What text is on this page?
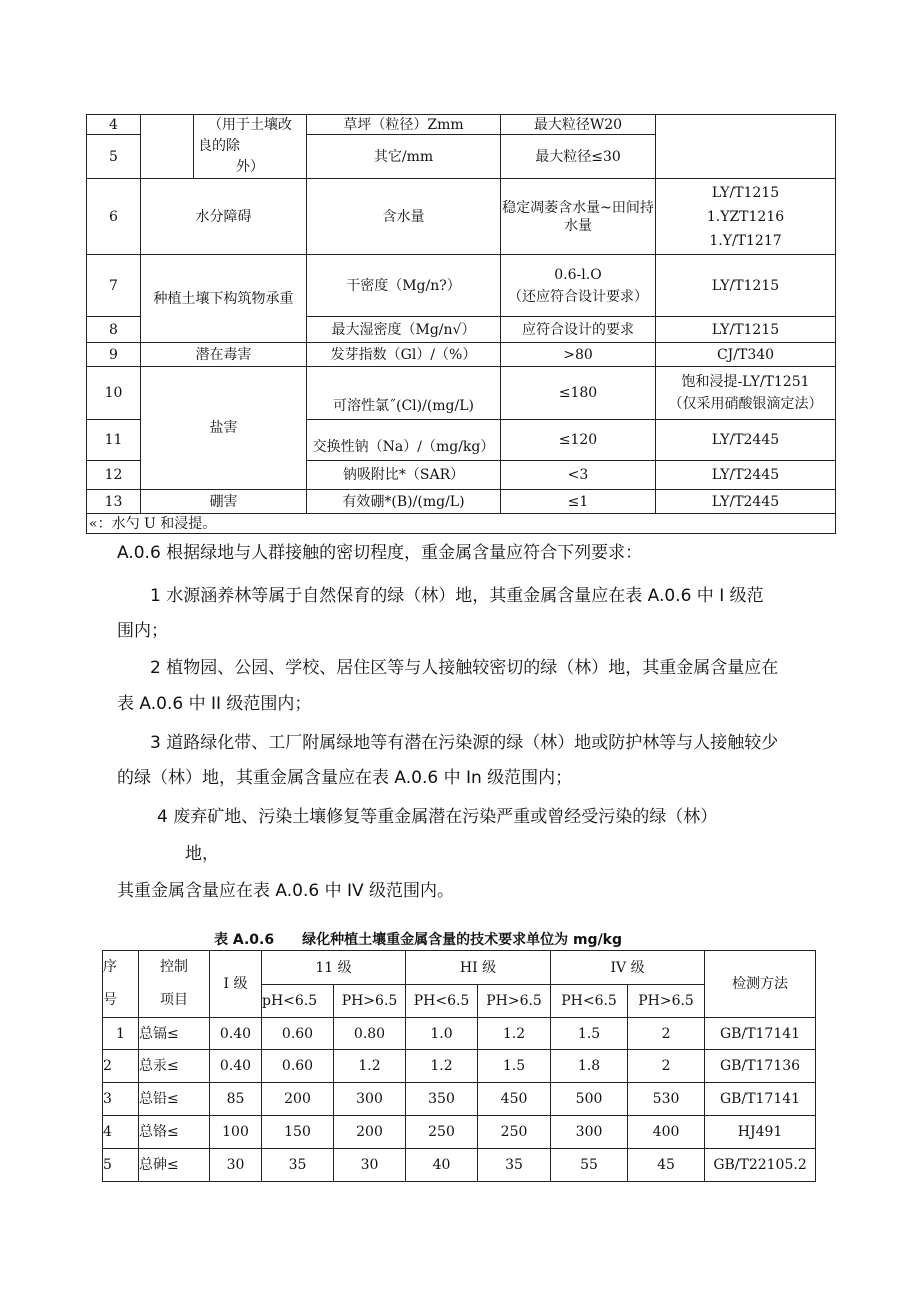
4		（用于土壤改
良的除
外）	草坪（粒径）Zmm	最大粒径W20	
5			其它/mm	最大粒径≤30	
6	水分障碍		含水量	稳定凋萎含水量~田间持
水量	LY/T1215
1.YZT1216
1.Y/T1217

7	种植土壤下构筑物承重		干密度（Mg/n?）	0.6-l.O
（还应符合设计要求）	LY/T1215
8			最大湿密度（Mg/n√）	应符合设计的要求	LY/T1215
9	潜在毒害		发芽指数（Gl）/（%）	>80	CJ/T340
10	盐害		可溶性氯˝(Cl)/(mg/L)	≤180	饱和浸提-LY/T1251
（仅采用硝酸银滴定法）

11			交换性钠（Na）/（mg/kg）	≤120	LY/T2445
12			钠吸附比*（SAR）	<3	LY/T2445
13	硼害		有效硼*(B)/(mg/L)	≤1	LY/T2445
«：水勺 U 和浸提。					
A.0.6 根据绿地与人群接触的密切程度，重金属含量应符合下列要求：
1 水源涵养林等属于自然保育的绿（林）地，其重金属含量应在表 A.0.6 中 I 级范
围内；
2 植物园、公园、学校、居住区等与人接触较密切的绿（林）地，其重金属含量应在
表 A.0.6 中 II 级范围内；
3 道路绿化带、工厂附属绿地等有潜在污染源的绿（林）地或防护林等与人接触较少
的绿（林）地，其重金属含量应在表 A.0.6 中 In 级范围内；
4 废弃矿地、污染土壤修复等重金属潜在污染严重或曾经受污染的绿（林）
地，
其重金属含量应在表 A.0.6 中 IV 级范围内。
表 A.0.6　　绿化种植土壤重金属含量的技术要求单位为 mg/kg
序
号	控制
项目	I 级	11 级		HI 级		IV 级		检测方法
			pH<6.5	PH>6.5	PH<6.5	PH>6.5	PH<6.5	PH>6.5	
1	总镉≤	0.40	0.60	0.80	1.0	1.2	1.5	2	GB/T17141
2	总汞≤	0.40	0.60	1.2	1.2	1.5	1.8	2	GB/T17136
3	总铅≤	85	200	300	350	450	500	530	GB/T17141
4	总铬≤	100	150	200	250	250	300	400	HJ491
5	总砷≤	30	35	30	40	35	55	45	GB/T22105.2
